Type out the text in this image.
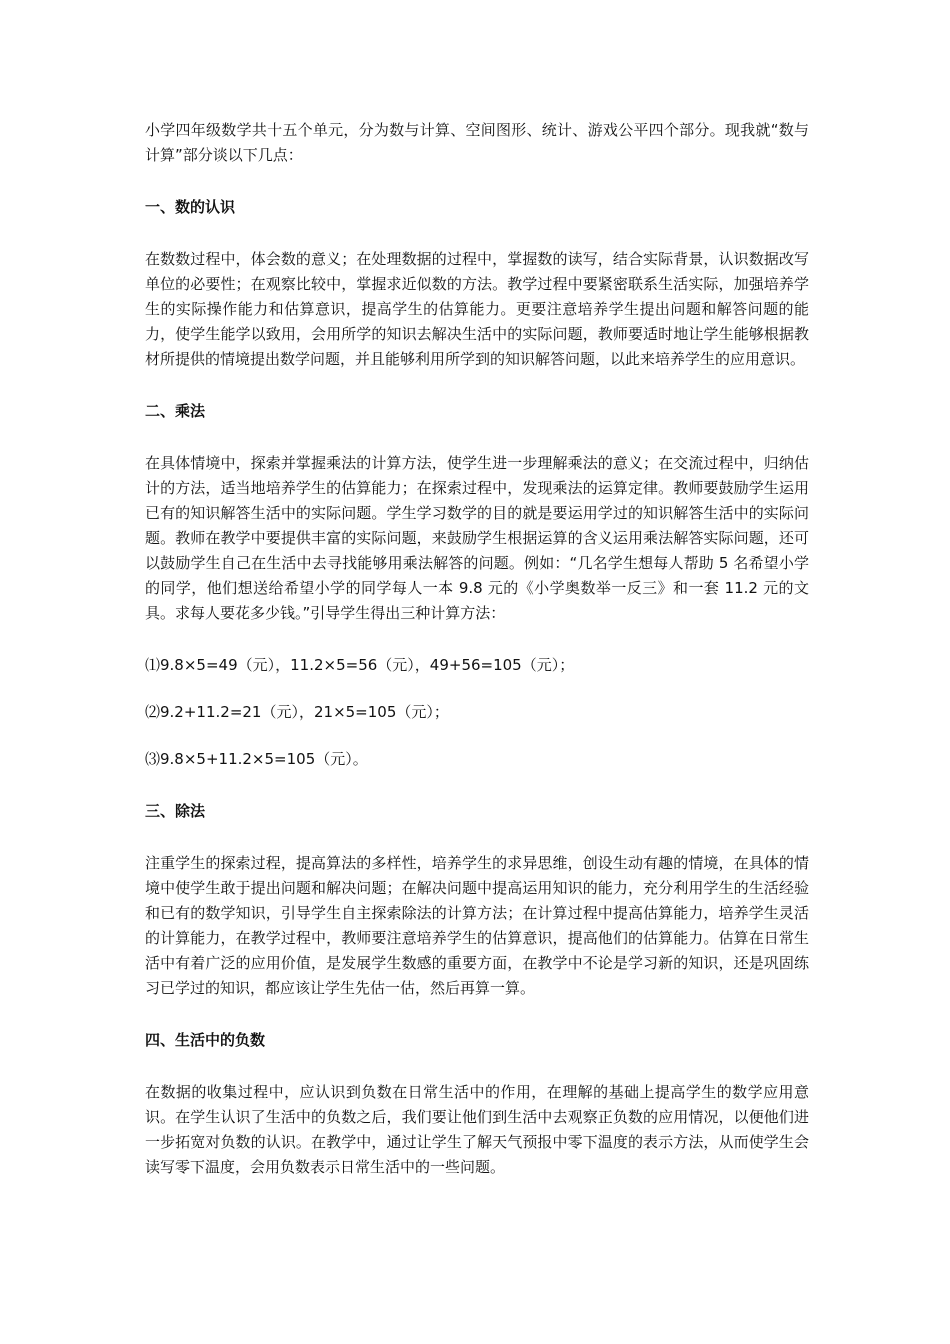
小学四年级数学共十五个单元，分为数与计算、空间图形、统计、游戏公平四个部分。现我就“数与计算”部分谈以下几点：

一、数的认识

在数数过程中，体会数的意义；在处理数据的过程中，掌握数的读写，结合实际背景，认识数据改写单位的必要性；在观察比较中，掌握求近似数的方法。教学过程中要紧密联系生活实际，加强培养学生的实际操作能力和估算意识，提高学生的估算能力。更要注意培养学生提出问题和解答问题的能力，使学生能学以致用，会用所学的知识去解决生活中的实际问题，教师要适时地让学生能够根据教材所提供的情境提出数学问题，并且能够利用所学到的知识解答问题，以此来培养学生的应用意识。

二、乘法

在具体情境中，探索并掌握乘法的计算方法，使学生进一步理解乘法的意义；在交流过程中，归纳估计的方法，适当地培养学生的估算能力；在探索过程中，发现乘法的运算定律。教师要鼓励学生运用已有的知识解答生活中的实际问题。学生学习数学的目的就是要运用学过的知识解答生活中的实际问题。教师在教学中要提供丰富的实际问题，来鼓励学生根据运算的含义运用乘法解答实际问题，还可以鼓励学生自己在生活中去寻找能够用乘法解答的问题。例如：“几名学生想每人帮助 5 名希望小学的同学，他们想送给希望小学的同学每人一本 9.8 元的《小学奥数举一反三》和一套 11.2 元的文具。求每人要花多少钱。”引导学生得出三种计算方法：

⑴9.8×5=49（元），11.2×5=56（元），49+56=105（元）；

⑵9.2+11.2=21（元），21×5=105（元）；

⑶9.8×5+11.2×5=105（元）。

三、除法

注重学生的探索过程，提高算法的多样性，培养学生的求异思维，创设生动有趣的情境，在具体的情境中使学生敢于提出问题和解决问题；在解决问题中提高运用知识的能力，充分利用学生的生活经验和已有的数学知识，引导学生自主探索除法的计算方法；在计算过程中提高估算能力，培养学生灵活的计算能力，在教学过程中，教师要注意培养学生的估算意识，提高他们的估算能力。估算在日常生活中有着广泛的应用价值，是发展学生数感的重要方面，在教学中不论是学习新的知识，还是巩固练习已学过的知识，都应该让学生先估一估，然后再算一算。

四、生活中的负数

在数据的收集过程中，应认识到负数在日常生活中的作用，在理解的基础上提高学生的数学应用意识。在学生认识了生活中的负数之后，我们要让他们到生活中去观察正负数的应用情况，以便他们进一步拓宽对负数的认识。在教学中，通过让学生了解天气预报中零下温度的表示方法，从而使学生会读写零下温度，会用负数表示日常生活中的一些问题。
